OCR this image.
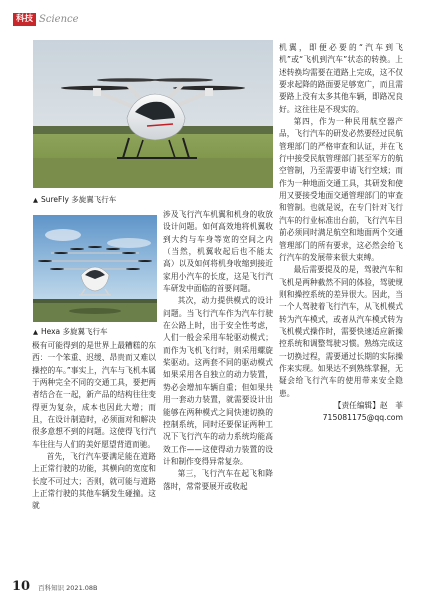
科技 Science
▲ SureFly 多旋翼飞行车
▲ Hexa 多旋翼飞行车

极有可能得到的是世界上最糟糕的东西：一个笨重、迟缓、昂贵而又难以操控的车。”事实上，汽车与飞机本属于两种完全不同的交通工具，要把两者结合在一起，新产品的结构往往变得更为复杂，成本也因此大增；而且，在设计制造时，必须面对和解决很多意想不到的问题。这使得飞行汽车往往与人们的美好愿望背道而驰。

首先，飞行汽车要满足能在道路上正常行驶的功能，其横向的宽度和长度不可过大；否则，就可能与道路上正常行驶的其他车辆发生碰撞。这就

涉及飞行汽车机翼和机身的收放设计问题。如何高效地将机翼收到大约与车身等宽的空间之内（当然，机翼收起后也不能太高）以及如何将机身收缩到接近家用小汽车的长度，这是飞行汽车研发中面临的首要问题。

其次，动力提供模式的设计问题。当飞行汽车作为汽车行驶在公路上时，出于安全性考虑，人们一般会采用车轮驱动模式；而作为飞机飞行时，则采用螺旋桨驱动。这两套不同的驱动模式如果采用各自独立的动力装置，势必会增加车辆自重；但如果共用一套动力装置，就需要设计出能够在两种模式之间快速切换的控制系统，同时还要保证两种工况下飞行汽车的动力系统均能高效工作——这使得动力装置的设计和制作变得异常复杂。

第三，飞行汽车在起飞和降落时，常常要展开或收起

机翼，即便必要的“汽车到飞机”或“飞机到汽车”状态的转换。上述转换均需要在道路上完成，这不仅要求起降的路面要足够宽广，而且需要路上没有太多其他车辆，即路况良好。这往往是不现实的。

第四，作为一种民用航空器产品，飞行汽车的研发必然要经过民航管理部门的严格审查和认证，并在飞行中接受民航管理部门甚至军方的航空管制，乃至需要申请飞行空域；而作为一种地面交通工具，其研发和使用又要接受地面交通管理部门的审查和管制。也就是说，在专门针对飞行汽车的行业标准出台前，飞行汽车目前必须同时满足航空和地面两个交通管理部门的所有要求，这必然会给飞行汽车的发展带来很大束缚。

最后需要提及的是，驾驶汽车和飞机是两种截然不同的体验，驾驶规则和操控系统的差异很大。因此，当一个人驾驶着飞行汽车，从飞机模式转为汽车模式，或者从汽车模式转为飞机模式操作时，需要快速适应新操控系统和调整驾驶习惯。熟练完成这一切换过程，需要通过长期的实际操作来实现。如果达不到熟练掌握，无疑会给飞行汽车的使用带来安全隐患。

【责任编辑】赵　菲

715081175@qq.com

10 百科知识 2021.08B
